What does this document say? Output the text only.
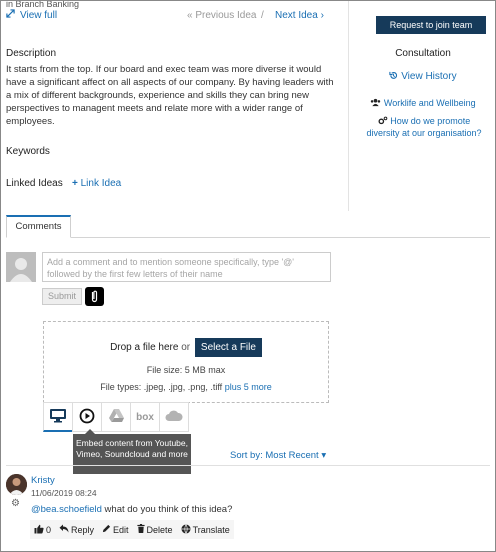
View full	« Previous Idea / Next Idea ›
in Branch Banking
Request to join team
Consultation
View History
Worklife and Wellbeing
How do we promote diversity at our organisation?
Description
It starts from the top. If our board and exec team was more diverse it would have a significant affect on all aspects of our company. By having leaders with a mix of different backgrounds, experience and skills they can bring new perspectives to managent meets and relate more with a wider range of employees.
Keywords
Linked Ideas + Link Idea
Comments
Add a comment and to mention someone specifically, type '@' followed by the first few letters of their name
Submit
Drop a file here or Select a File
File size: 5 MB max
File types: .jpeg, .jpg, .png, .tiff plus 5 more
box
Embed content from Youtube, Vimeo, Soundcloud and more	Sort by: Most Recent ▾
Kristy
11/06/2019 08:24
⚙
@bea.schoefield what do you think of this idea?
0 Reply Edit Delete Translate
